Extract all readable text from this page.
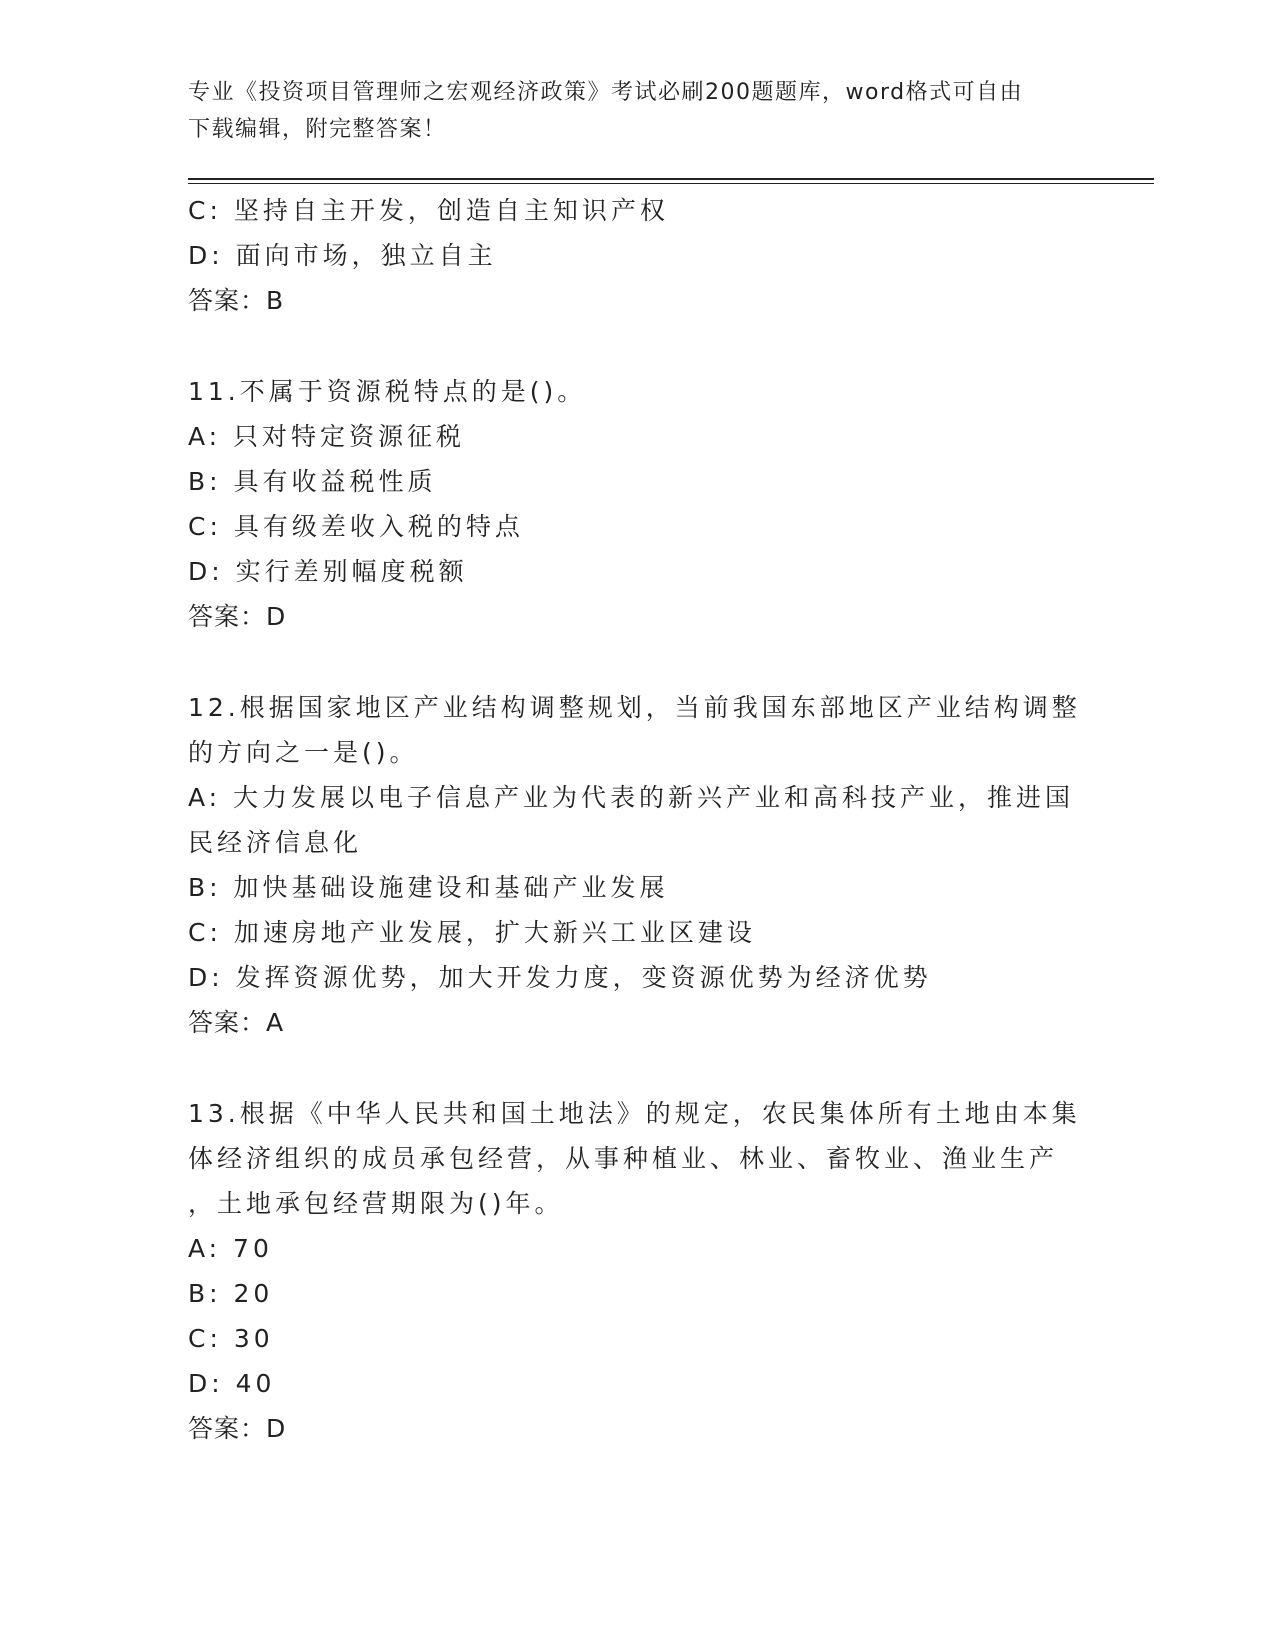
专业《投资项目管理师之宏观经济政策》考试必刷200题题库，word格式可自由
下载编辑，附完整答案！
C: 坚持自主开发，创造自主知识产权
D: 面向市场，独立自主
答案：B
11.不属于资源税特点的是()。
A: 只对特定资源征税
B: 具有收益税性质
C: 具有级差收入税的特点
D: 实行差别幅度税额
答案：D
12.根据国家地区产业结构调整规划，当前我国东部地区产业结构调整
的方向之一是()。
A: 大力发展以电子信息产业为代表的新兴产业和高科技产业，推进国
民经济信息化
B: 加快基础设施建设和基础产业发展
C: 加速房地产业发展，扩大新兴工业区建设
D: 发挥资源优势，加大开发力度，变资源优势为经济优势
答案：A
13.根据《中华人民共和国土地法》的规定，农民集体所有土地由本集
体经济组织的成员承包经营，从事种植业、林业、畜牧业、渔业生产
，土地承包经营期限为()年。
A: 70
B: 20
C: 30
D: 40
答案：D
